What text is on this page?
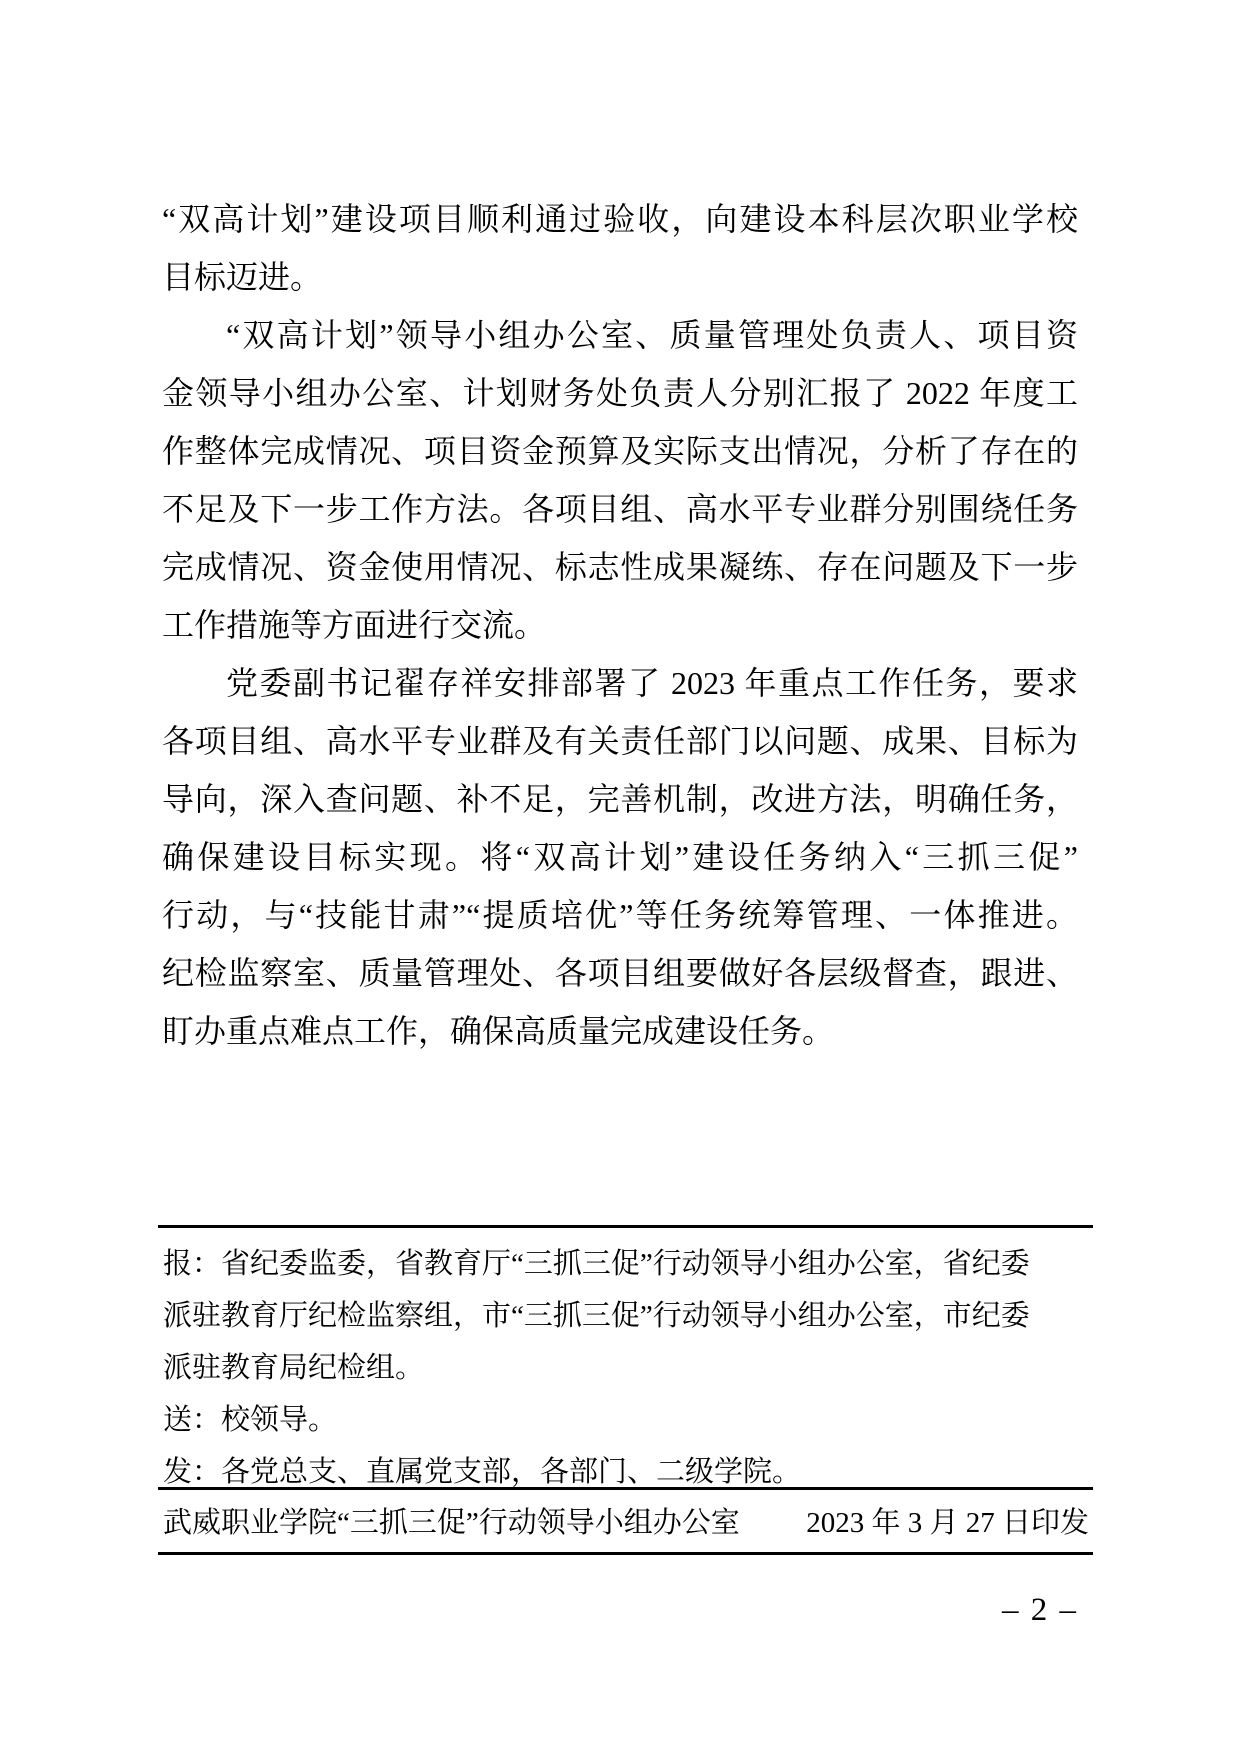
“双高计划”建设项目顺利通过验收，向建设本科层次职业学校
目标迈进。
“双高计划”领导小组办公室、质量管理处负责人、项目资
金领导小组办公室、计划财务处负责人分别汇报了 2022 年度工
作整体完成情况、项目资金预算及实际支出情况，分析了存在的
不足及下一步工作方法。各项目组、高水平专业群分别围绕任务
完成情况、资金使用情况、标志性成果凝练、存在问题及下一步
工作措施等方面进行交流。
党委副书记翟存祥安排部署了 2023 年重点工作任务，要求
各项目组、高水平专业群及有关责任部门以问题、成果、目标为
导向，深入查问题、补不足，完善机制，改进方法，明确任务，
确保建设目标实现。将“双高计划”建设任务纳入“三抓三促”
行动，与“技能甘肃”“提质培优”等任务统筹管理、一体推进。
纪检监察室、质量管理处、各项目组要做好各层级督查，跟进、
盯办重点难点工作，确保高质量完成建设任务。
报：省纪委监委，省教育厅“三抓三促”行动领导小组办公室，省纪委
派驻教育厅纪检监察组，市“三抓三促”行动领导小组办公室，市纪委
派驻教育局纪检组。
送：校领导。
发：各党总支、直属党支部，各部门、二级学院。
武威职业学院“三抓三促”行动领导小组办公室 2023 年 3 月 27 日印发
– 2 –
